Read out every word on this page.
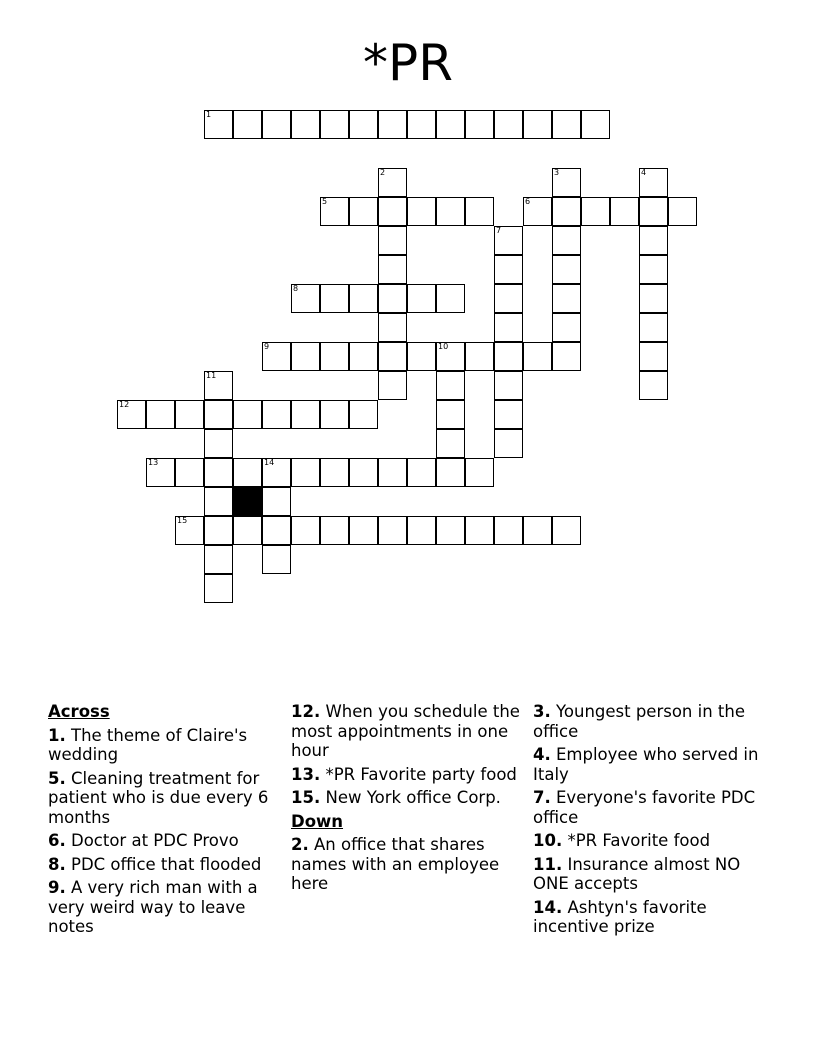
*PR
1
2	3	4
5	6
7
8
9	10
11
12
13	14
15
Across
1. The theme of Claire's wedding
5. Cleaning treatment for patient who is due every 6 months
6. Doctor at PDC Provo
8. PDC office that flooded
9. A very rich man with a very weird way to leave notes
12. When you schedule the most appointments in one hour
13. *PR Favorite party food
15. New York office Corp.
Down
2. An office that shares names with an employee here
3. Youngest person in the office
4. Employee who served in Italy
7. Everyone's favorite PDC office
10. *PR Favorite food
11. Insurance almost NO ONE accepts
14. Ashtyn's favorite incentive prize
